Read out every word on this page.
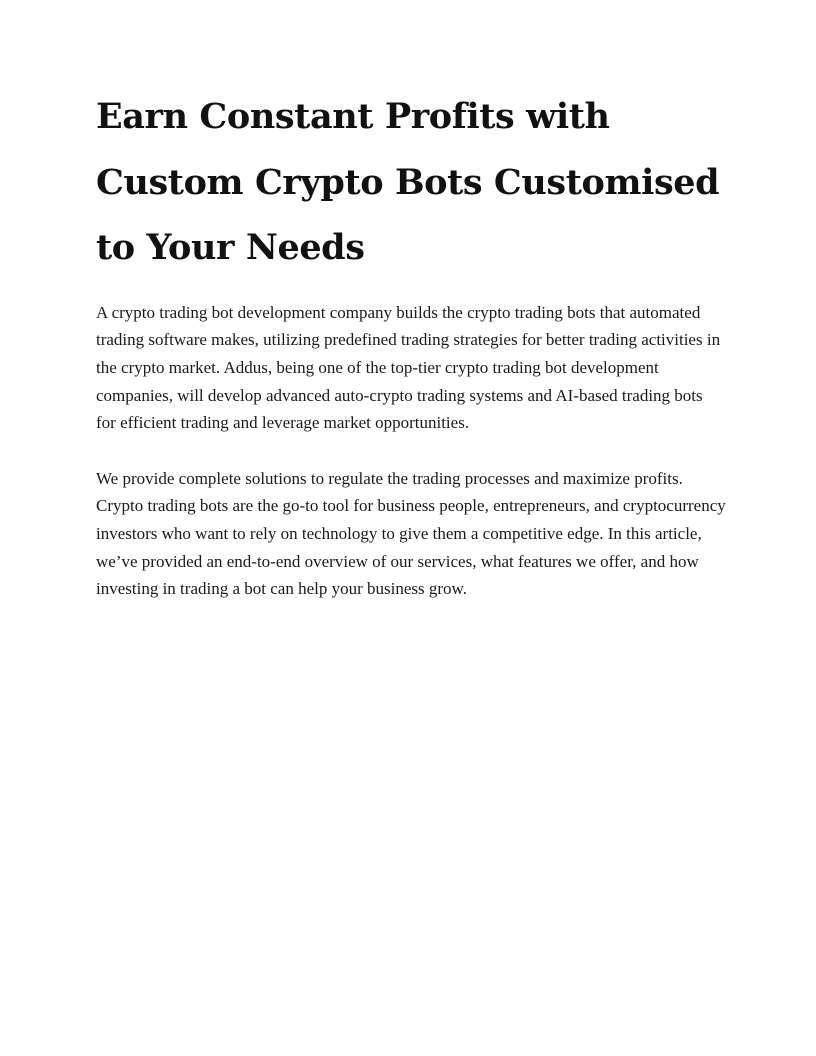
Earn Constant Profits with Custom Crypto Bots Customised to Your Needs

A crypto trading bot development company builds the crypto trading bots that automated trading software makes, utilizing predefined trading strategies for better trading activities in the crypto market. Addus, being one of the top-tier crypto trading bot development companies, will develop advanced auto-crypto trading systems and AI-based trading bots for efficient trading and leverage market opportunities.

We provide complete solutions to regulate the trading processes and maximize profits. Crypto trading bots are the go-to tool for business people, entrepreneurs, and cryptocurrency investors who want to rely on technology to give them a competitive edge. In this article, we’ve provided an end-to-end overview of our services, what features we offer, and how investing in trading a bot can help your business grow.
